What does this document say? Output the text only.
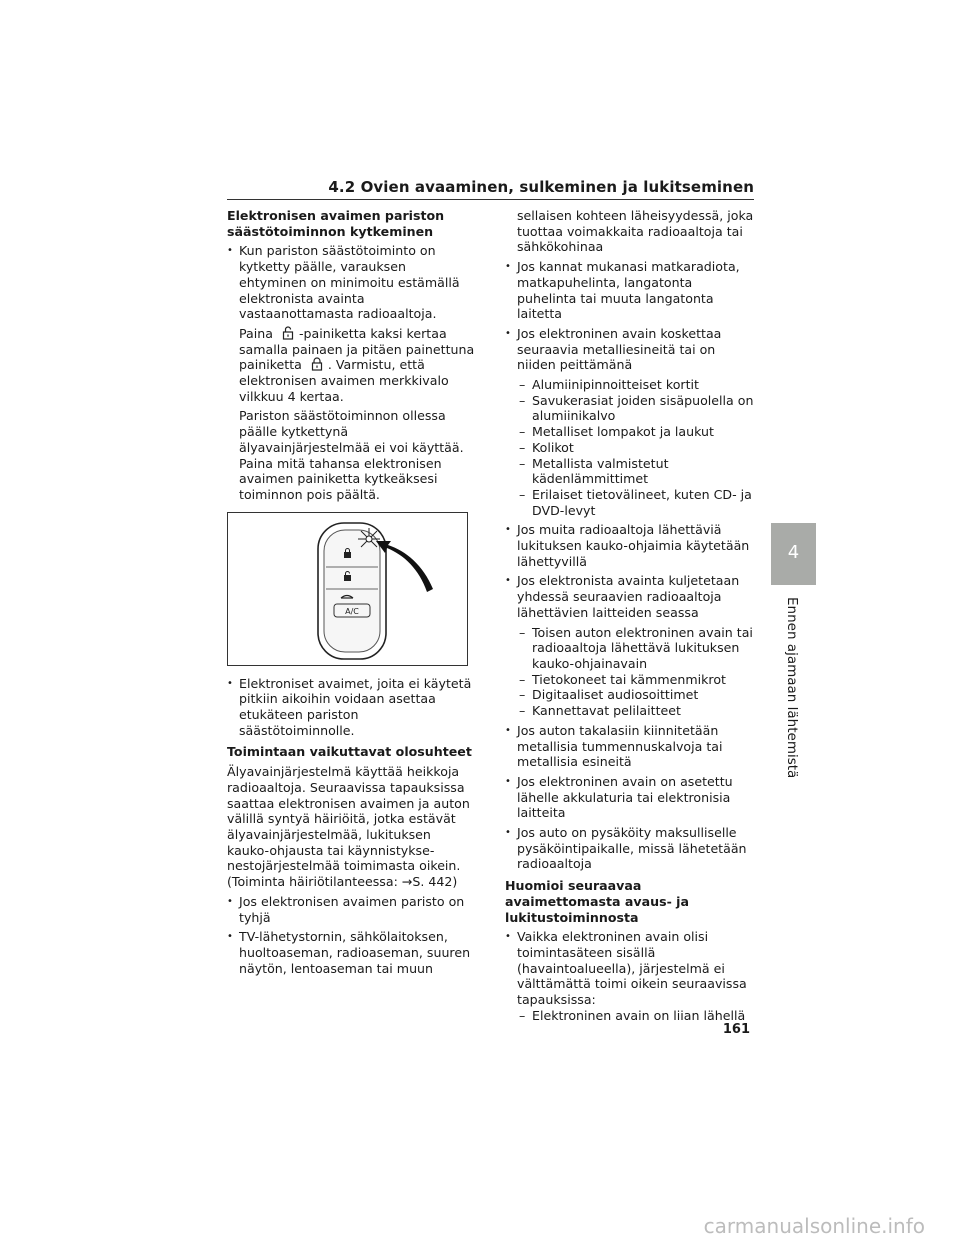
4.2 Ovien avaaminen, sulkeminen ja lukitseminen
4
Ennen ajamaan lähtemistä
Elektronisen avaimen pariston säästötoiminnon kytkeminen
• Kun pariston säästötoiminto on kytketty päälle, varauksen ehtyminen on minimoitu estämällä elektronista avainta vastaanottamasta radioaaltoja.
Paina -painiketta kaksi kertaa samalla painaen ja pitäen painettuna painiketta . Varmistu, että elektronisen avaimen merkkivalo vilkkuu 4 kertaa.
Pariston säästötoiminnon ollessa päälle kytkettynä älyavainjärjestelmää ei voi käyttää. Paina mitä tahansa elektronisen avaimen painiketta kytkeäksesi toiminnon pois päältä.
A/C
• Elektroniset avaimet, joita ei käytetä pitkiin aikoihin voidaan asettaa etukäteen pariston säästötoiminnolle.
Toimintaan vaikuttavat olosuhteet
Älyavainjärjestelmä käyttää heikkoja radioaaltoja. Seuraavissa tapauksissa saattaa elektronisen avaimen ja auton välillä syntyä häiriöitä, jotka estävät älyavainjärjestelmää, lukituksen kauko-ohjausta tai käynnistykse-nestojärjestelmää toimimasta oikein. (Toiminta häiriötilanteessa: →S. 442)
• Jos elektronisen avaimen paristo on tyhjä
• TV-lähetystornin, sähkölaitoksen, huoltoaseman, radioaseman, suuren näytön, lentoaseman tai muun
sellaisen kohteen läheisyydessä, joka tuottaa voimakkaita radioaaltoja tai sähkökohinaa
• Jos kannat mukanasi matkaradiota, matkapuhelinta, langatonta puhelinta tai muuta langatonta laitetta
• Jos elektroninen avain koskettaa seuraavia metalliesineitä tai on niiden peittämänä
– Alumiinipinnoitteiset kortit
– Savukerasiat joiden sisäpuolella on alumiinikalvo
– Metalliset lompakot ja laukut
– Kolikot
– Metallista valmistetut kädenlämmittimet
– Erilaiset tietovälineet, kuten CD- ja DVD-levyt
• Jos muita radioaaltoja lähettäviä lukituksen kauko-ohjaimia käytetään lähettyvillä
• Jos elektronista avainta kuljetetaan yhdessä seuraavien radioaaltoja lähettävien laitteiden seassa
– Toisen auton elektroninen avain tai radioaaltoja lähettävä lukituksen kauko-ohjainavain
– Tietokoneet tai kämmenmikrot
– Digitaaliset audiosoittimet
– Kannettavat pelilaitteet
• Jos auton takalasiin kiinnitetään metallisia tummennuskalvoja tai metallisia esineitä
• Jos elektroninen avain on asetettu lähelle akkulaturia tai elektronisia laitteita
• Jos auto on pysäköity maksulliselle pysäköintipaikalle, missä lähetetään radioaaltoja
Huomioi seuraavaa avaimettomasta avaus- ja lukitustoiminnosta
• Vaikka elektroninen avain olisi toimintasäteen sisällä (havaintoalueella), järjestelmä ei välttämättä toimi oikein seuraavissa tapauksissa:
– Elektroninen avain on liian lähellä
161
carmanualsonline.info
